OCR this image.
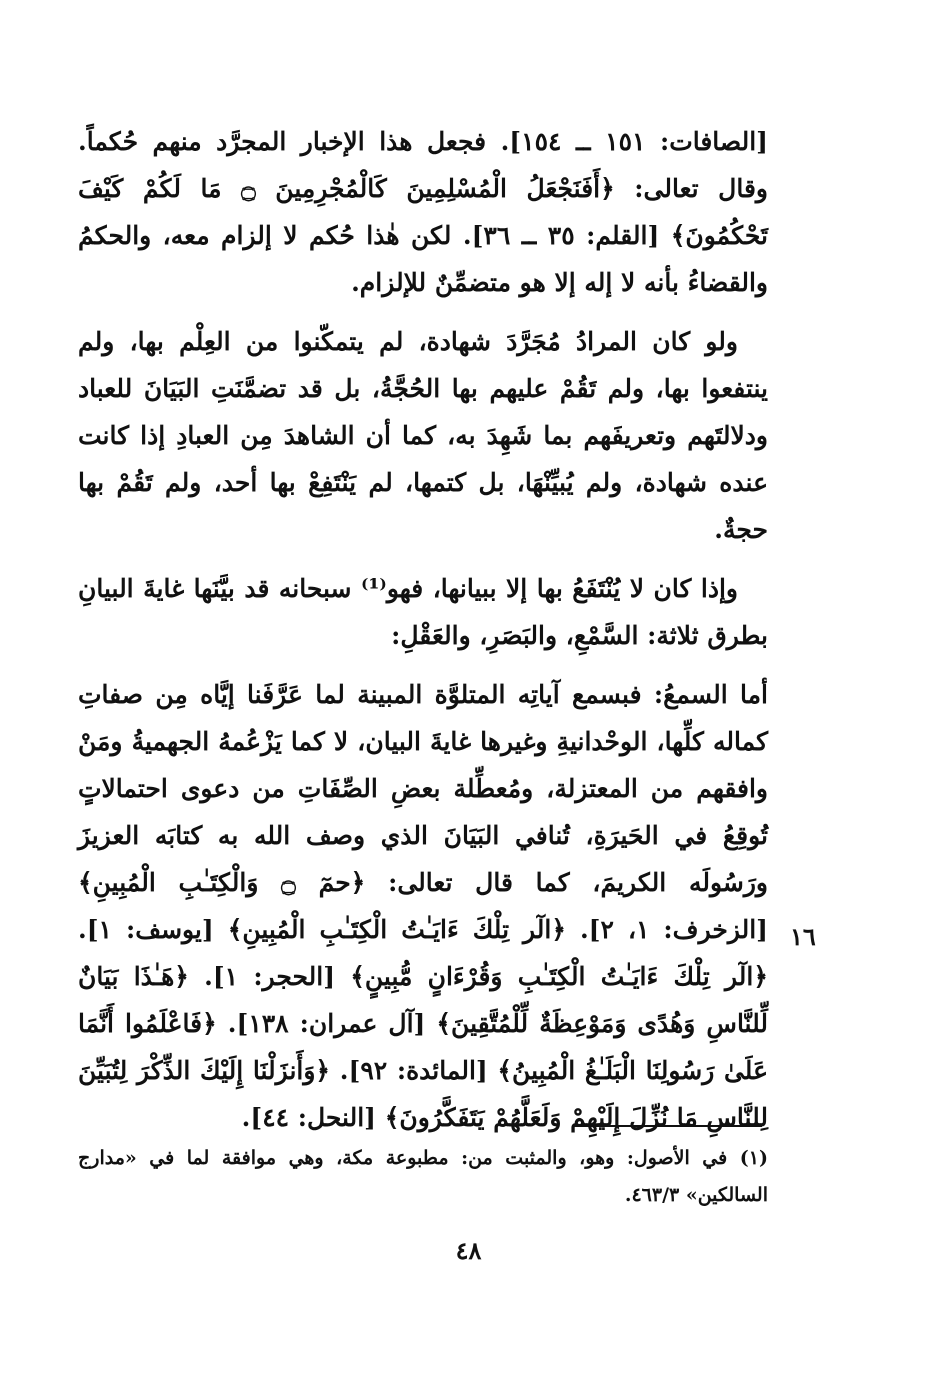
[الصافات: ١٥١ ــ ١٥٤]. فجعل هذا الإخبار المجرَّد منهم حُكماً. وقال تعالى: ﴿أَفَنَجْعَلُ الْمُسْلِمِينَ كَالْمُجْرِمِينَ ۝ مَا لَكُمْ كَيْفَ تَحْكُمُونَ﴾ [القلم: ٣٥ ــ ٣٦]. لكن هٰذا حُكم لا إلزام معه، والحكمُ والقضاءُ بأنه لا إله إلا هو متضمِّنٌ للإلزام.

ولو كان المرادُ مُجَرَّدَ شهادة، لم يتمكّنوا من العِلْم بها، ولم ينتفعوا بها، ولم تَقُمْ عليهم بها الحُجَّةُ، بل قد تضمَّنَتِ البَيَانَ للعباد ودلالتَهم وتعريفَهم بما شَهِدَ به، كما أن الشاهدَ مِن العبادِ إذا كانت عنده شهادة، ولم يُبيِّنْهَا، بل كتمها، لم يَنْتَفِعْ بها أحد، ولم تَقُمْ بها حجةٌ.

وإذا كان لا يُنْتَفَعُ بها إلا ببيانها، فهو⁽¹⁾ سبحانه قد بيَّنَها غايةَ البيانِ بطرق ثلاثة: السَّمْعِ، والبَصَرِ، والعَقْلِ:

أما السمعُ: فبسمع آياتِه المتلوَّة المبينة لما عَرَّفَنا إيَّاه مِن صفاتِ كماله كلِّها، الوحْدانيةِ وغيرها غايةَ البيان، لا كما يَزْعُمهُ الجهميةُ ومَنْ وافقهم من المعتزلة، ومُعطِّلة بعضِ الصِّفَاتِ من دعوى احتمالاتٍ تُوقِعُ في الحَيرَةِ، تُنافي البَيَانَ الذي وصف الله به كتابَه العزيزَ ورَسُولَه الكريمَ، كما قال تعالى: ﴿حمٓ ۝ وَالْكِتَـٰبِ الْمُبِينِ﴾ [الزخرف: ١، ٢]. ﴿الٓر تِلْكَ ءَايَـٰتُ الْكِتَـٰبِ الْمُبِينِ﴾ [يوسف: ١]. ﴿الٓر تِلْكَ ءَايَـٰتُ الْكِتَـٰبِ وَقُرْءَانٍ مُّبِينٍ﴾ [الحجر: ١]. ﴿هَـٰذَا بَيَانٌ لِّلنَّاسِ وَهُدًى وَمَوْعِظَةٌ لِّلْمُتَّقِينَ﴾ [آل عمران: ١٣٨]. ﴿فَاعْلَمُوا أَنَّمَا عَلَىٰ رَسُولِنَا الْبَلَـٰغُ الْمُبِينُ﴾ [المائدة: ٩٢]. ﴿وَأَنزَلْنَا إِلَيْكَ الذِّكْرَ لِتُبَيِّنَ لِلنَّاسِ مَا نُزِّلَ إِلَيْهِمْ وَلَعَلَّهُمْ يَتَفَكَّرُونَ﴾ [النحل: ٤٤].

١٦
(١) في الأصول: وهو، والمثبت من: مطبوعة مكة، وهي موافقة لما في «مدارج السالكين» ٤٦٣/٣.
٤٨
